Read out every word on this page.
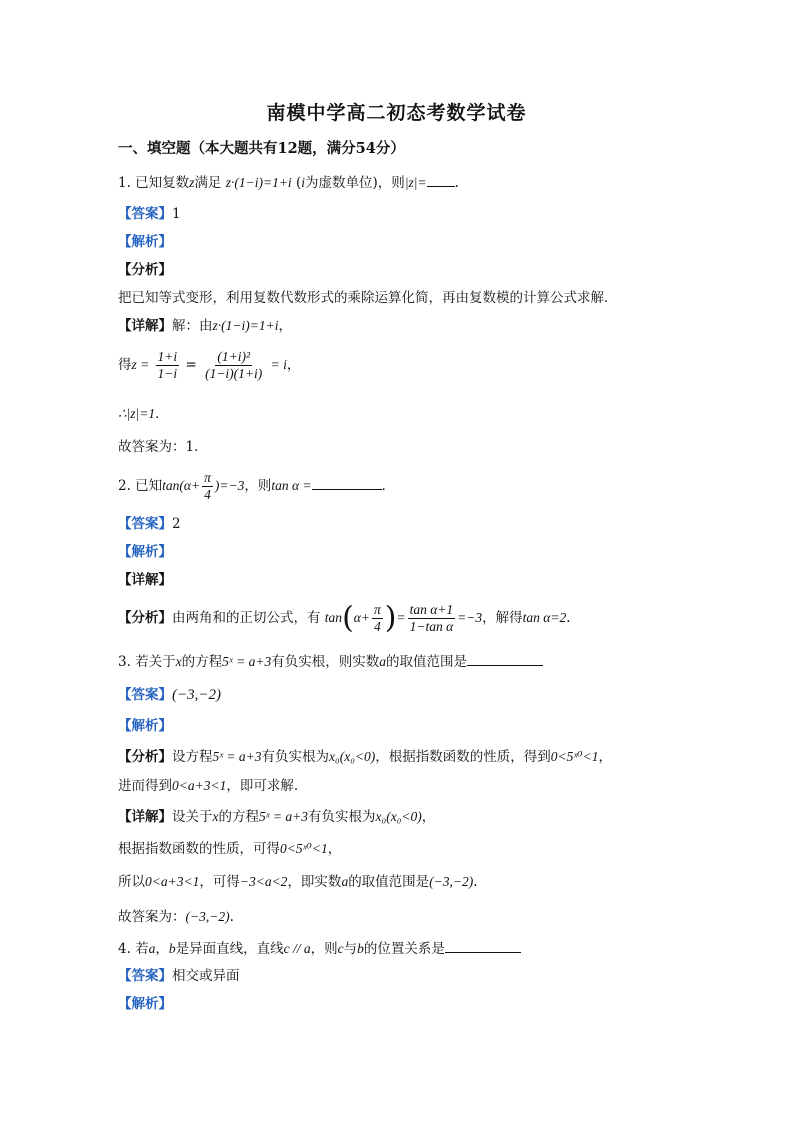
南模中学高二初态考数学试卷
一、填空题（本大题共有12题，满分54分）
1. 已知复数z满足 z·(1−i)=1+i (i为虚数单位)，则|z|= .
【答案】1
【解析】
【分析】
把已知等式变形，利用复数代数形式的乘除运算化简，再由复数模的计算公式求解．
【详解】解：由z·(1−i)=1+i，
得$z = \frac{1+i}{1-i} = \frac{\text{(1+i)²}}{(1-i)(1+i)} = i$，
∴|z|=1．
故答案为：1．
2. 已知$\tan(\alpha+ \frac{\pi}{4} )=-3$，则tan α =	．
【答案】2
【解析】
【详解】
【分析】由两角和的正切公式，有 $\tan(\alpha+ \frac{\pi}{4}$ )= $\frac{\text{tan α+1}}{\text{1−tan α}} =-3$，解得tan α=2.
3. 若关于x的方程5ˣ = a+3有负实根，则实数a的取值范围是
【答案】(−3,−2)
【解析】
【分析】设方程5ˣ = a+3有负实根为x₀(x₀<0)，根据指数函数的性质，得到0<5ˣ⁰<1，
进而得到0<a+3<1，即可求解.
【详解】设关于x的方程5ˣ = a+3有负实根为x₀(x₀<0)，
根据指数函数的性质，可得0<5ˣ⁰<1，
所以0<a+3<1，可得−3<a<2，即实数a的取值范围是(−3,−2).
故答案为：(−3,−2).
4. 若a，b是异面直线，直线c // a，则c与b的位置关系是
【答案】相交或异面
【解析】
